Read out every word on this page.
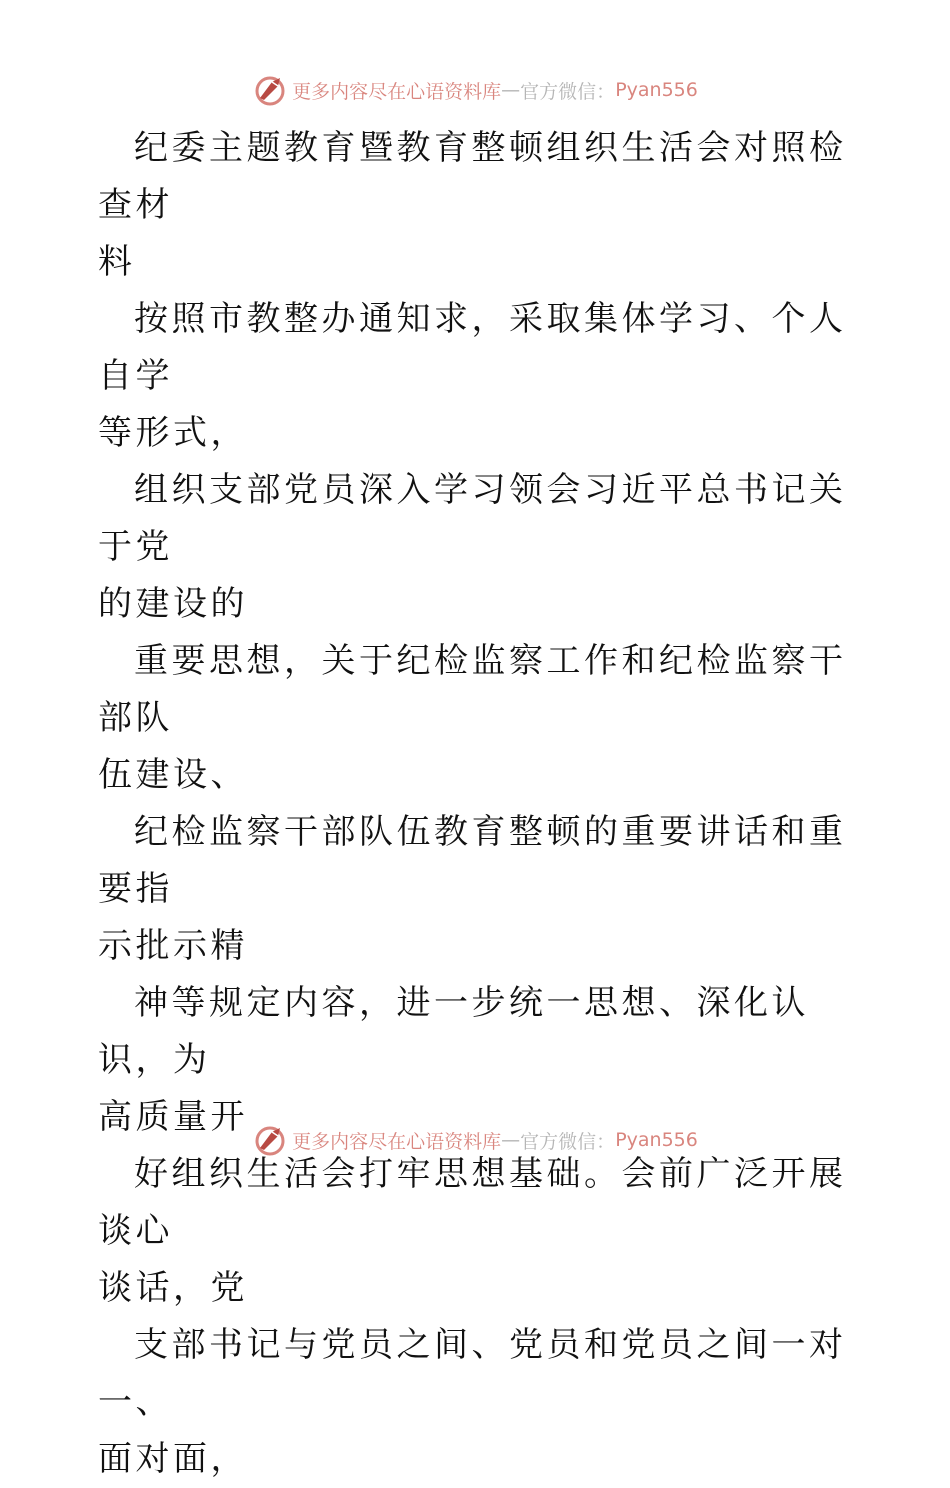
更多内容尽在心语资料库 — 官方微信： Pyan556

纪委主题教育暨教育整顿组织生活会对照检查材
料

按照市教整办通知求，采取集体学习、个人自学
等形式，

组织支部党员深入学习领会习近平总书记关于党
的建设的

重要思想，关于纪检监察工作和纪检监察干部队
伍建设、

纪检监察干部队伍教育整顿的重要讲话和重要指
示批示精

神等规定内容，进一步统一思想、深化认识，为
高质量开

好组织生活会打牢思想基础。会前广泛开展谈心
谈话，党

支部书记与党员之间、党员和党员之间一对一、
面对面，

更多内容尽在心语资料库 — 官方微信： Pyan556
